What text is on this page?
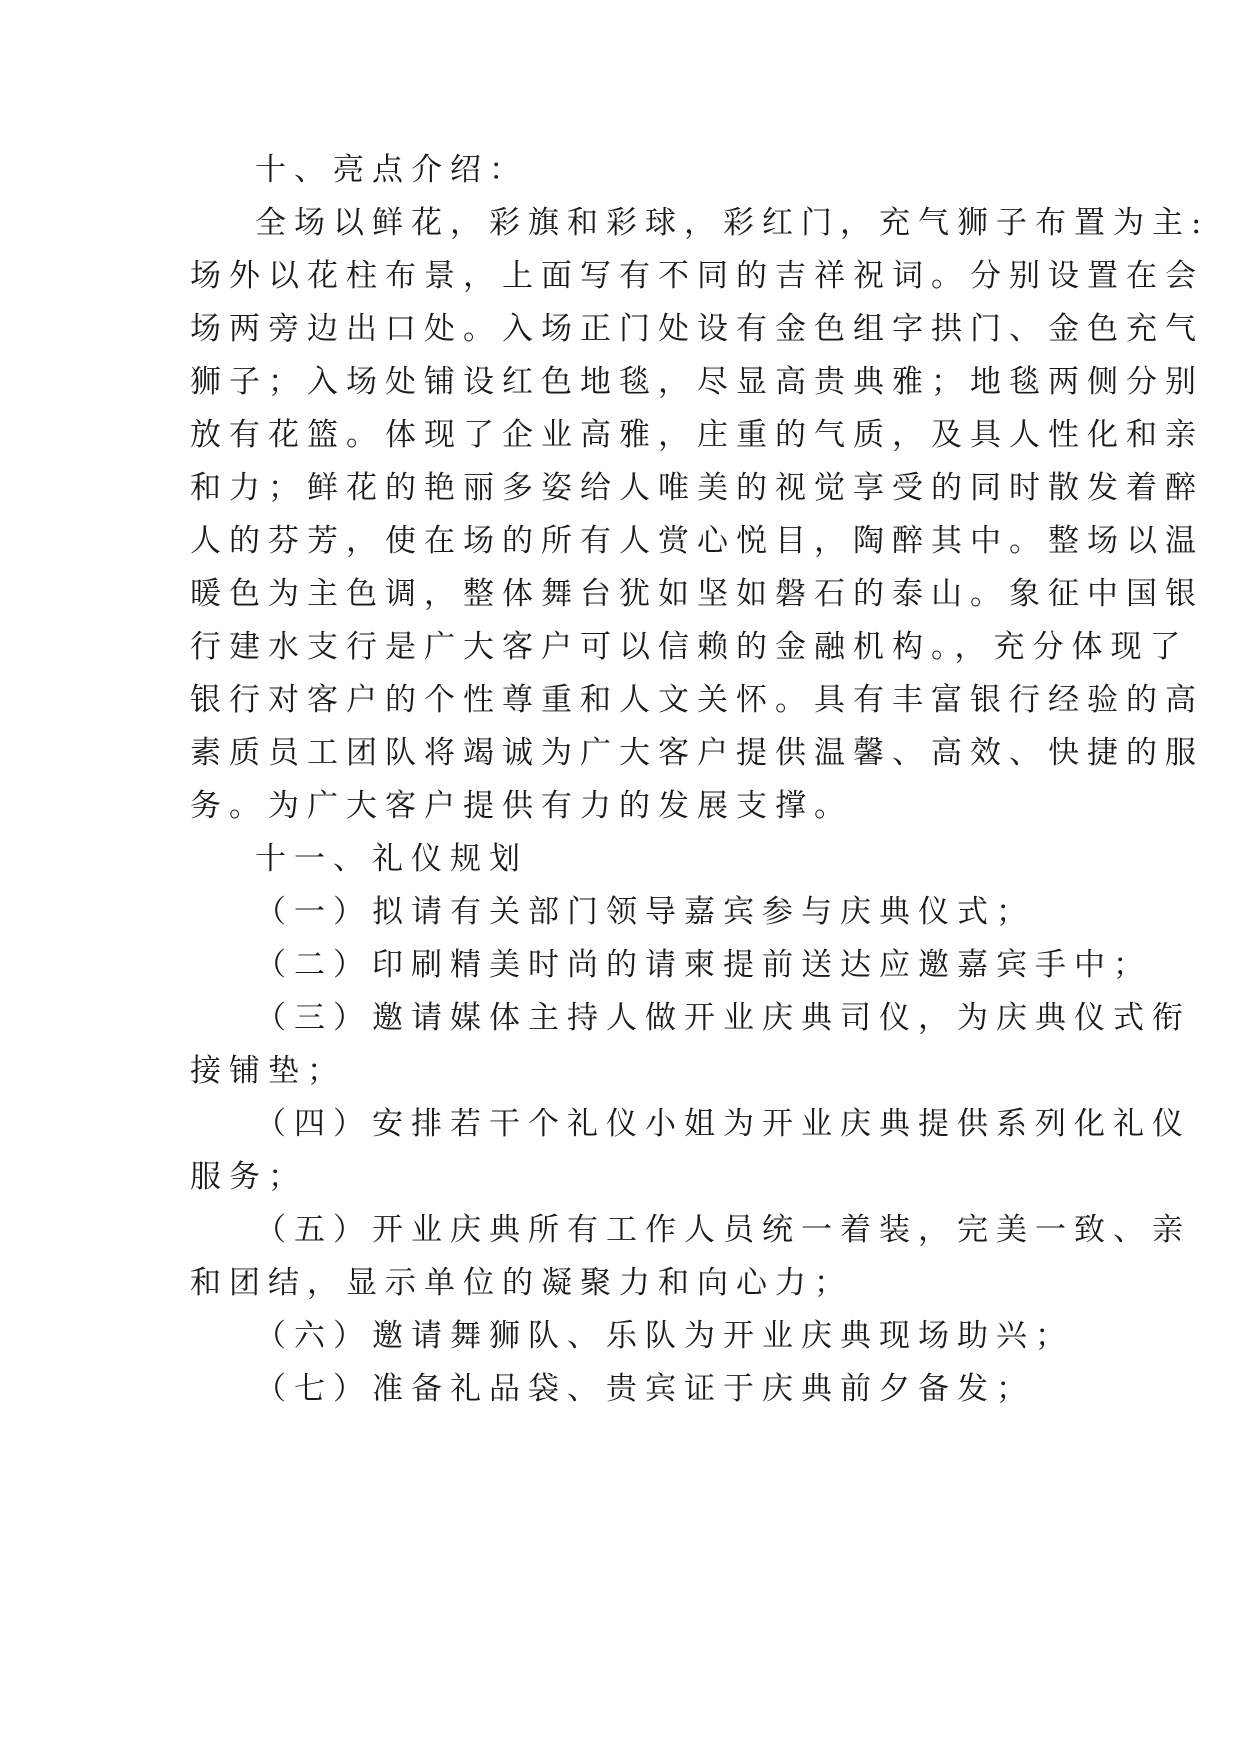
十、亮点介绍：
全场以鲜花，彩旗和彩球，彩红门，充气狮子布置为主:
场外以花柱布景，上面写有不同的吉祥祝词。分别设置在会
场两旁边出口处。入场正门处设有金色组字拱门、金色充气
狮子；入场处铺设红色地毯，尽显高贵典雅；地毯两侧分别
放有花篮。体现了企业高雅，庄重的气质，及具人性化和亲
和力；鲜花的艳丽多姿给人唯美的视觉享受的同时散发着醉
人的芬芳，使在场的所有人赏心悦目，陶醉其中。整场以温
暖色为主色调，整体舞台犹如坚如磐石的泰山。象征中国银
行建水支行是广大客户可以信赖的金融机构。，充分体现了
银行对客户的个性尊重和人文关怀。具有丰富银行经验的高
素质员工团队将竭诚为广大客户提供温馨、高效、快捷的服
务。为广大客户提供有力的发展支撑。
十一、礼仪规划
（一）拟请有关部门领导嘉宾参与庆典仪式；
（二）印刷精美时尚的请柬提前送达应邀嘉宾手中；
（三）邀请媒体主持人做开业庆典司仪，为庆典仪式衔
接铺垫；
（四）安排若干个礼仪小姐为开业庆典提供系列化礼仪
服务；
（五）开业庆典所有工作人员统一着装，完美一致、亲
和团结，显示单位的凝聚力和向心力；
（六）邀请舞狮队、乐队为开业庆典现场助兴；
（七）准备礼品袋、贵宾证于庆典前夕备发；
